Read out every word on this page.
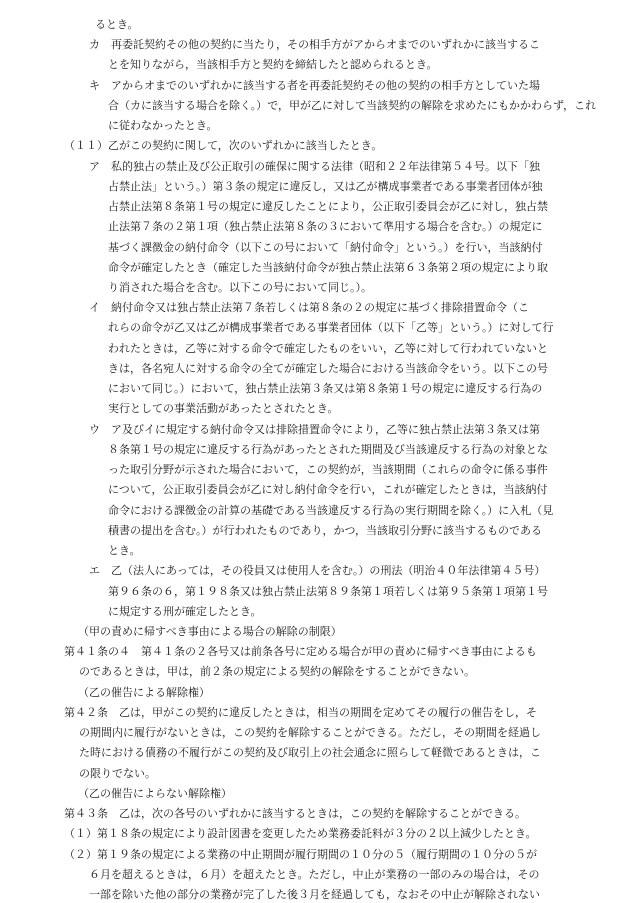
るとき。
カ　再委託契約その他の契約に当たり，その相手方がアからオまでのいずれかに該当するこ
とを知りながら，当該相手方と契約を締結したと認められるとき。
キ　アからオまでのいずれかに該当する者を再委託契約その他の契約の相手方としていた場
合（カに該当する場合を除く。）で，甲が乙に対して当該契約の解除を求めたにもかかわらず，これ
に従わなかったとき。
（１１）乙がこの契約に関して，次のいずれかに該当したとき。
ア　私的独占の禁止及び公正取引の確保に関する法律（昭和２２年法律第５４号。以下「独
占禁止法」という。）第３条の規定に違反し，又は乙が構成事業者である事業者団体が独
占禁止法第８条第１号の規定に違反したことにより，公正取引委員会が乙に対し，独占禁
止法第７条の２第１項（独占禁止法第８条の３において準用する場合を含む。）の規定に
基づく課徴金の納付命令（以下この号において「納付命令」という。）を行い，当該納付
命令が確定したとき（確定した当該納付命令が独占禁止法第６３条第２項の規定により取
り消された場合を含む。以下この号において同じ。）。
イ　納付命令又は独占禁止法第７条若しくは第８条の２の規定に基づく排除措置命令（こ
れらの命令が乙又は乙が構成事業者である事業者団体（以下「乙等」という。）に対して行
われたときは，乙等に対する命令で確定したものをいい，乙等に対して行われていないと
きは，各名宛人に対する命令の全てが確定した場合における当該命令をいう。以下この号
において同じ。）において，独占禁止法第３条又は第８条第１号の規定に違反する行為の
実行としての事業活動があったとされたとき。
ウ　ア及びイに規定する納付命令又は排除措置命令により，乙等に独占禁止法第３条又は第
８条第１号の規定に違反する行為があったとされた期間及び当該違反する行為の対象とな
った取引分野が示された場合において，この契約が，当該期間（これらの命令に係る事件
について，公正取引委員会が乙に対し納付命令を行い，これが確定したときは，当該納付
命令における課徴金の計算の基礎である当該違反する行為の実行期間を除く。）に入札（見
積書の提出を含む。）が行われたものであり，かつ，当該取引分野に該当するものである
とき。
エ　乙（法人にあっては，その役員又は使用人を含む。）の刑法（明治４０年法律第４５号）
第９６条の６，第１９８条又は独占禁止法第８９条第１項若しくは第９５条第１項第１号
に規定する刑が確定したとき。
（甲の責めに帰すべき事由による場合の解除の制限）
第４１条の４　第４１条の２各号又は前条各号に定める場合が甲の責めに帰すべき事由によるも
のであるときは，甲は，前２条の規定による契約の解除をすることができない。
（乙の催告による解除権）
第４２条　乙は，甲がこの契約に違反したときは，相当の期間を定めてその履行の催告をし，そ
の期間内に履行がないときは，この契約を解除することができる。ただし，その期間を経過し
た時における債務の不履行がこの契約及び取引上の社会通念に照らして軽微であるときは，こ
の限りでない。
（乙の催告によらない解除権）
第４３条　乙は，次の各号のいずれかに該当するときは，この契約を解除することができる。
（１）第１８条の規定により設計図書を変更したため業務委託料が３分の２以上減少したとき。
（２）第１９条の規定による業務の中止期間が履行期間の１０分の５（履行期間の１０分の５が
６月を超えるときは，６月）を超えたとき。ただし，中止が業務の一部のみの場合は，その
一部を除いた他の部分の業務が完了した後３月を経過しても，なおその中止が解除されない
